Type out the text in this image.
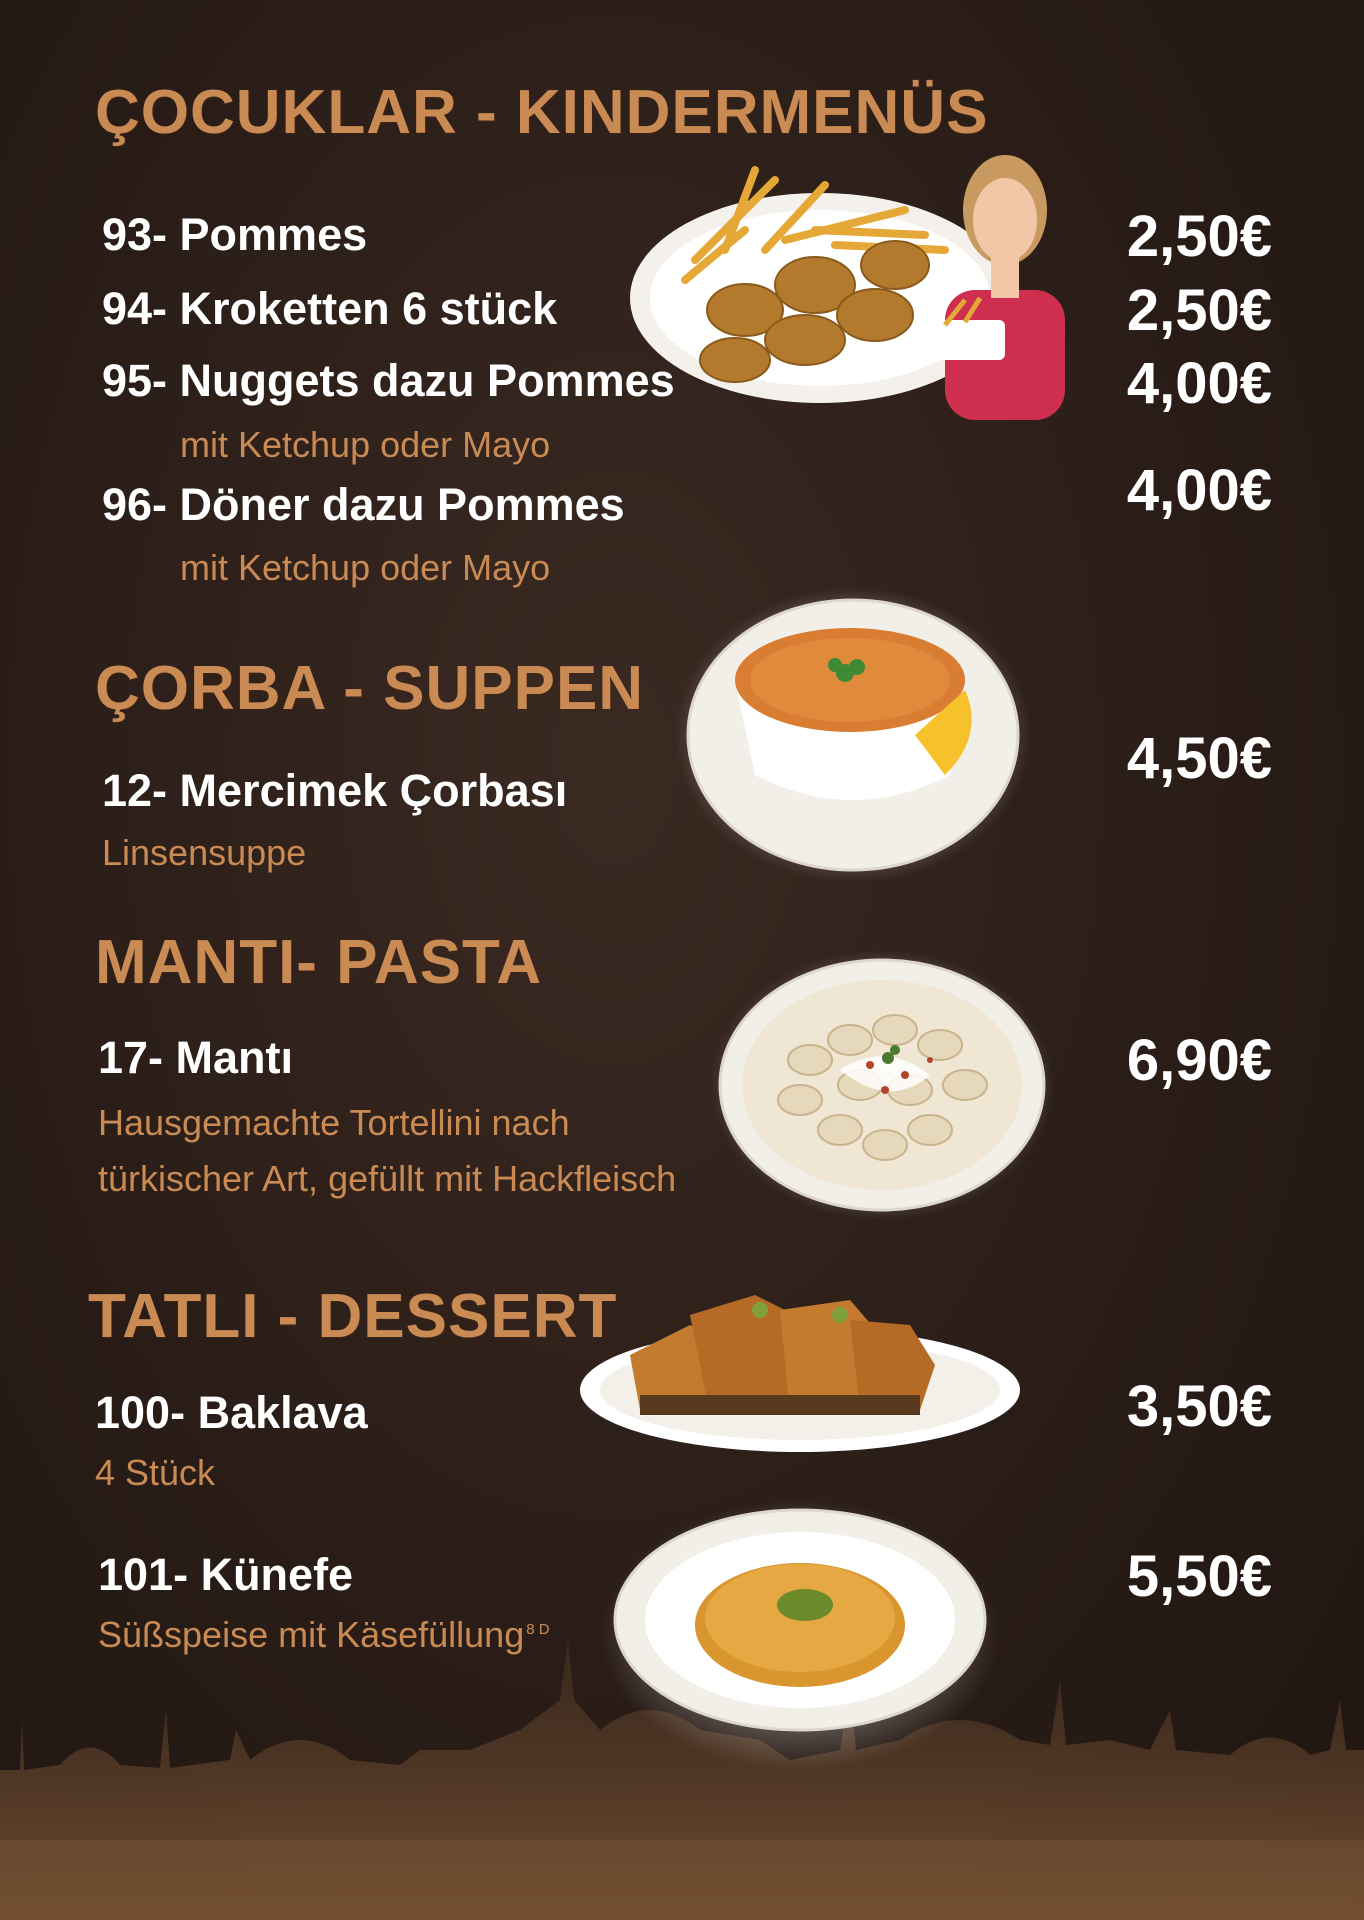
ÇOCUKLAR - KINDERMENÜS
93- Pommes	2,50€
94- Kroketten 6 stück	2,50€
95- Nuggets dazu Pommes
mit Ketchup oder Mayo
4,00€
96- Döner dazu Pommes
mit Ketchup oder Mayo
4,00€
ÇORBA - SUPPEN
12- Mercimek Çorbası
Linsensuppe
4,50€
MANTI- PASTA
17- Mantı
Hausgemachte Tortellini nach
türkischer Art, gefüllt mit Hackfleisch
6,90€
TATLI - DESSERT
100- Baklava
4 Stück
3,50€
101- Künefe
Süßspeise mit Käsefüllung $^{8 D}$
5,50€
